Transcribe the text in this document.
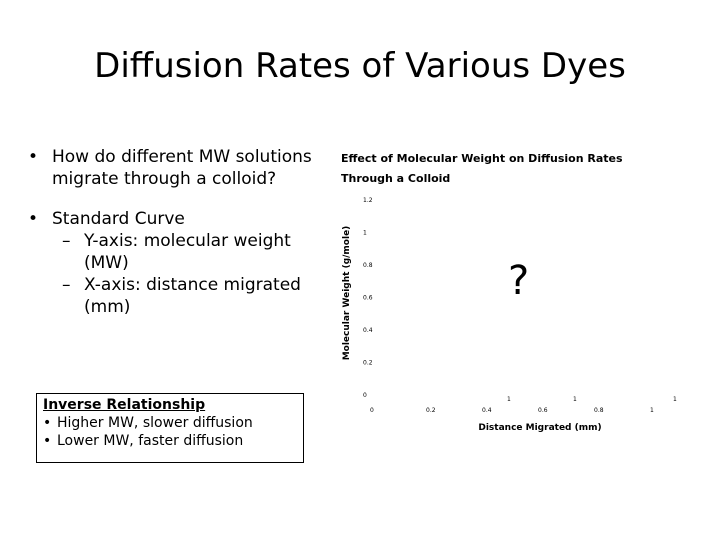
Diffusion Rates of Various Dyes
• How do different MW solutions migrate through a colloid?
• Standard Curve
– Y-axis: molecular weight (MW)
– X-axis: distance migrated (mm)
Inverse Relationship
• Higher MW, slower diffusion
• Lower MW, faster diffusion
Effect of Molecular Weight on Diffusion Rates Through a Colloid
Molecular Weight (g/mole)
Distance Migrated (mm)
1.2
1
0.8
0.6
0.4
0.2
0
1	1	1
0	0.2	0.4	0.6	0.8	1
?
